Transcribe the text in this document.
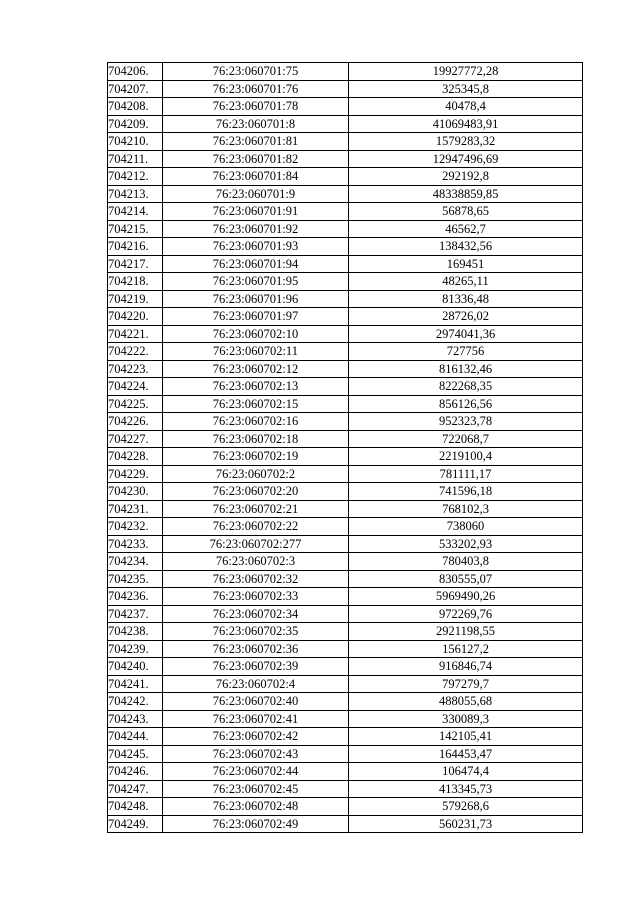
704206.	76:23:060701:75	19927772,28
704207.	76:23:060701:76	325345,8
704208.	76:23:060701:78	40478,4
704209.	76:23:060701:8	41069483,91
704210.	76:23:060701:81	1579283,32
704211.	76:23:060701:82	12947496,69
704212.	76:23:060701:84	292192,8
704213.	76:23:060701:9	48338859,85
704214.	76:23:060701:91	56878,65
704215.	76:23:060701:92	46562,7
704216.	76:23:060701:93	138432,56
704217.	76:23:060701:94	169451
704218.	76:23:060701:95	48265,11
704219.	76:23:060701:96	81336,48
704220.	76:23:060701:97	28726,02
704221.	76:23:060702:10	2974041,36
704222.	76:23:060702:11	727756
704223.	76:23:060702:12	816132,46
704224.	76:23:060702:13	822268,35
704225.	76:23:060702:15	856126,56
704226.	76:23:060702:16	952323,78
704227.	76:23:060702:18	722068,7
704228.	76:23:060702:19	2219100,4
704229.	76:23:060702:2	781111,17
704230.	76:23:060702:20	741596,18
704231.	76:23:060702:21	768102,3
704232.	76:23:060702:22	738060
704233.	76:23:060702:277	533202,93
704234.	76:23:060702:3	780403,8
704235.	76:23:060702:32	830555,07
704236.	76:23:060702:33	5969490,26
704237.	76:23:060702:34	972269,76
704238.	76:23:060702:35	2921198,55
704239.	76:23:060702:36	156127,2
704240.	76:23:060702:39	916846,74
704241.	76:23:060702:4	797279,7
704242.	76:23:060702:40	488055,68
704243.	76:23:060702:41	330089,3
704244.	76:23:060702:42	142105,41
704245.	76:23:060702:43	164453,47
704246.	76:23:060702:44	106474,4
704247.	76:23:060702:45	413345,73
704248.	76:23:060702:48	579268,6
704249.	76:23:060702:49	560231,73
